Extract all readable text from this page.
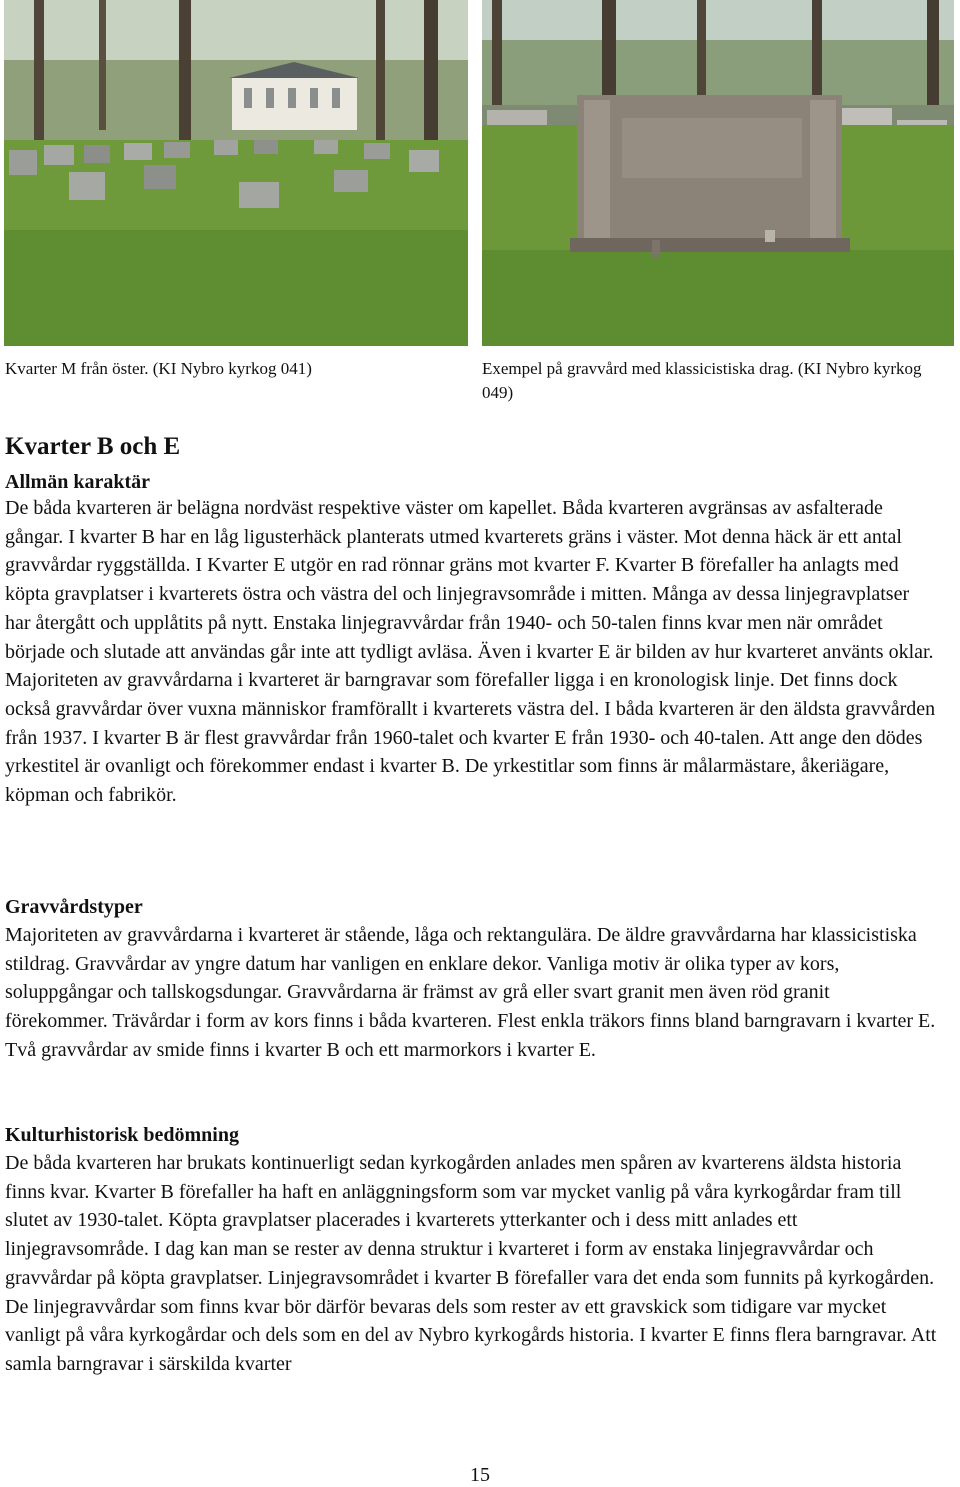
Kvarter M från öster. (KI Nybro kyrkog 041)	Exempel på gravvård med klassicistiska drag. (KI Nybro kyrkog 049)

Kvarter B och E
Allmän karaktär

De båda kvarteren är belägna nordväst respektive väster om kapellet. Båda kvarteren avgränsas av asfalterade gångar. I kvarter B har en låg ligusterhäck planterats utmed kvarterets gräns i väster. Mot denna häck är ett antal gravvårdar ryggställda. I Kvarter E utgör en rad rönnar gräns mot kvarter F. Kvarter B förefaller ha anlagts med köpta gravplatser i kvarterets östra och västra del och linjegravsområde i mitten. Många av dessa linjegravplatser har återgått och upplåtits på nytt. Enstaka linjegravvårdar från 1940- och 50-talen finns kvar men när området började och slutade att användas går inte att tydligt avläsa. Även i kvarter E är bilden av hur kvarteret använts oklar. Majoriteten av gravvårdarna i kvarteret är barngravar som förefaller ligga i en kronologisk linje. Det finns dock också gravvårdar över vuxna människor framförallt i kvarterets västra del. I båda kvarteren är den äldsta gravvården från 1937. I kvarter B är flest gravvårdar från 1960-talet och kvarter E från 1930- och 40-talen. Att ange den dödes yrkestitel är ovanligt och förekommer endast i kvarter B. De yrkestitlar som finns är målarmästare, åkeriägare, köpman och fabrikör.

Gravvårdstyper

Majoriteten av gravvårdarna i kvarteret är stående, låga och rektangulära. De äldre gravvårdarna har klassicistiska stildrag. Gravvårdar av yngre datum har vanligen en enklare dekor. Vanliga motiv är olika typer av kors, soluppgångar och tallskogsdungar. Gravvårdarna är främst av grå eller svart granit men även röd granit förekommer. Trävårdar i form av kors finns i båda kvarteren. Flest enkla träkors finns bland barngravarn i kvarter E. Två gravvårdar av smide finns i kvarter B och ett marmorkors i kvarter E.

Kulturhistorisk bedömning

De båda kvarteren har brukats kontinuerligt sedan kyrkogården anlades men spåren av kvarterens äldsta historia finns kvar. Kvarter B förefaller ha haft en anläggningsform som var mycket vanlig på våra kyrkogårdar fram till slutet av 1930-talet. Köpta gravplatser placerades i kvarterets ytterkanter och i dess mitt anlades ett linjegravsområde. I dag kan man se rester av denna struktur i kvarteret i form av enstaka linjegravvårdar och gravvårdar på köpta gravplatser. Linjegravsområdet i kvarter B förefaller vara det enda som funnits på kyrkogården. De linjegravvårdar som finns kvar bör därför bevaras dels som rester av ett gravskick som tidigare var mycket vanligt på våra kyrkogårdar och dels som en del av Nybro kyrkogårds historia. I kvarter E finns flera barngravar. Att samla barngravar i särskilda kvarter

15
